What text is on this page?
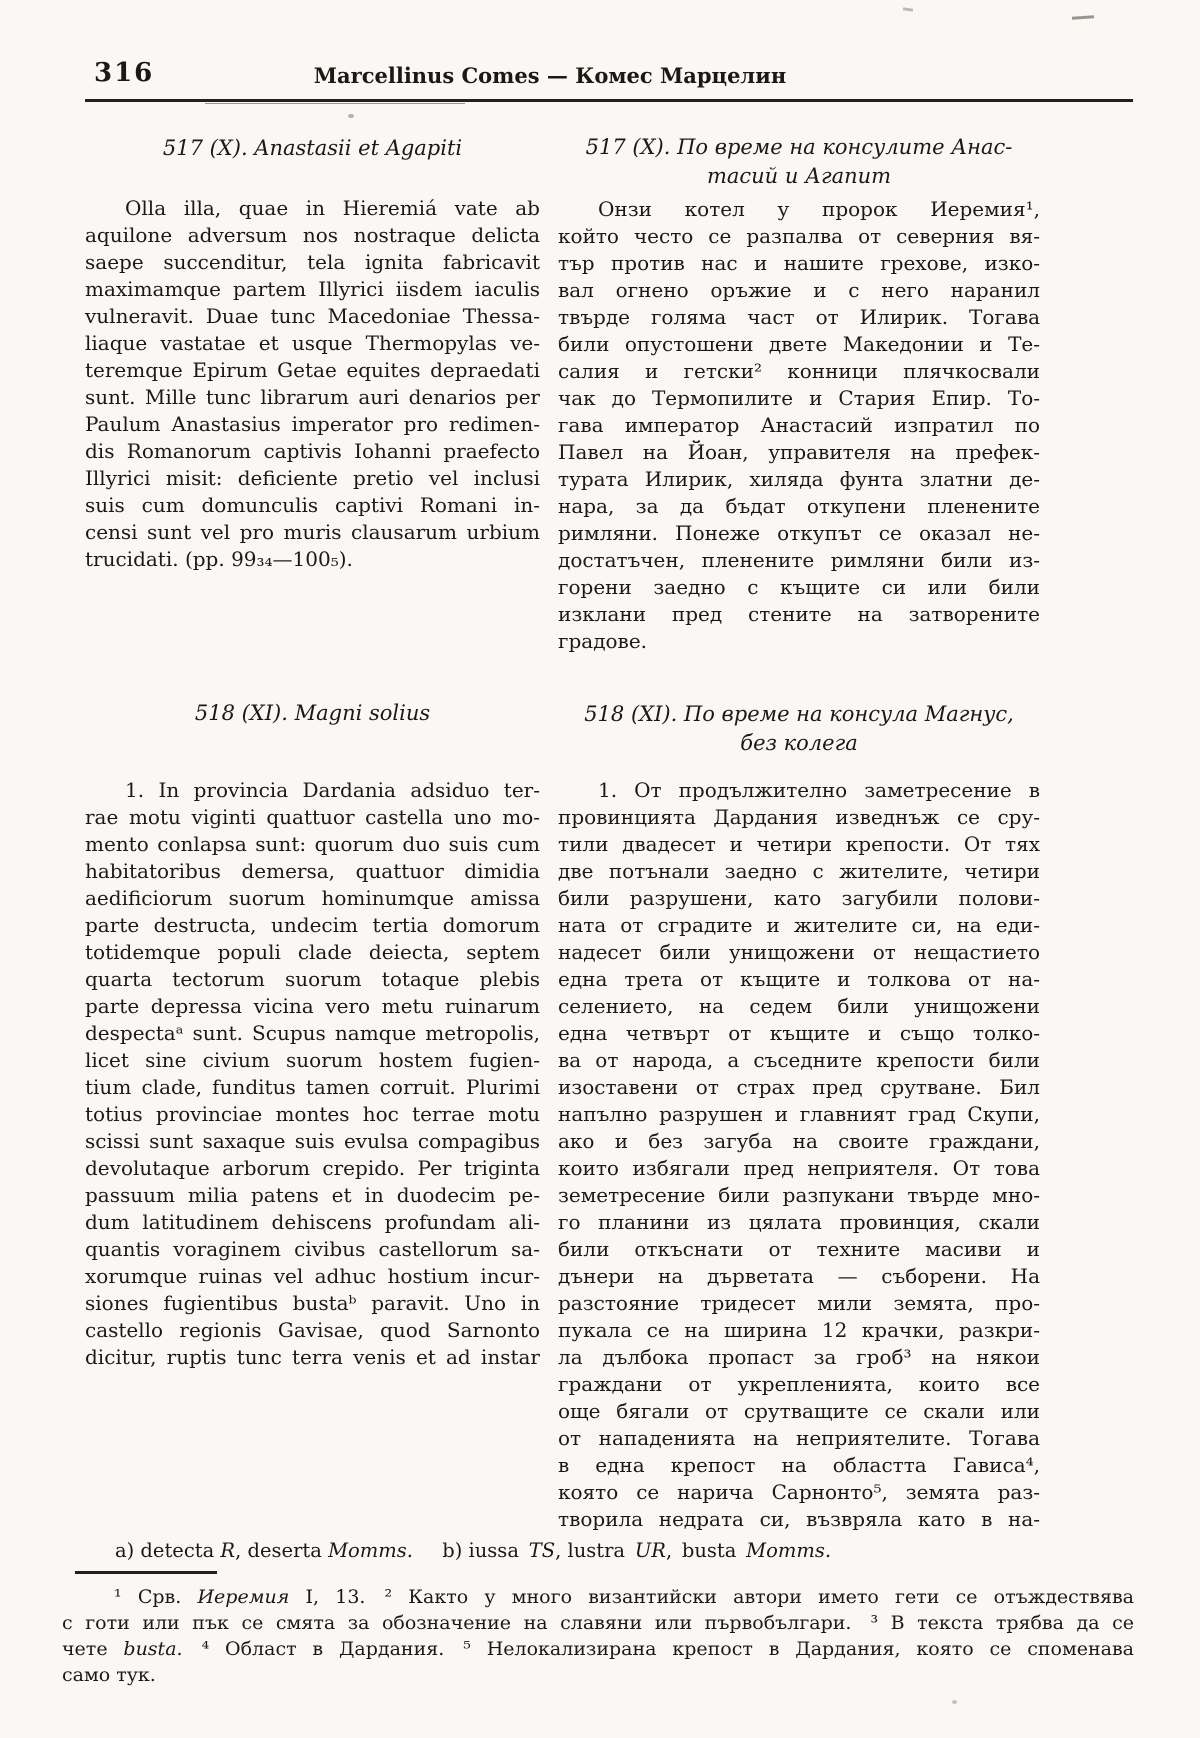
316	Marcellinus Comes — Комес Марцелин
517 (X). Anastasii et Agapiti
Olla illa, quae in Hieremiá vate ab
aquilone adversum nos nostraque delicta
saepe succenditur, tela ignita fabricavit
maximamque partem Illyrici iisdem iaculis
vulneravit. Duae tunc Macedoniae Thessa-
liaque vastatae et usque Thermopylas ve-
teremque Epirum Getae equites depraedati
sunt. Mille tunc librarum auri denarios per
Paulum Anastasius imperator pro redimen-
dis Romanorum captivis Iohanni praefecto
Illyrici misit: deficiente pretio vel inclusi
suis cum domunculis captivi Romani in-
censi sunt vel pro muris clausarum urbium
trucidati. (pp. 99₃₄—100₅).
518 (XI). Magni solius
1. In provincia Dardania adsiduo ter-
rae motu viginti quattuor castella uno mo-
mento conlapsa sunt: quorum duo suis cum
habitatoribus demersa, quattuor dimidia
aedificiorum suorum hominumque amissa
parte destructa, undecim tertia domorum
totidemque populi clade deiecta, septem
quarta tectorum suorum totaque plebis
parte depressa vicina vero metu ruinarum
despectaᵃ sunt. Scupus namque metropolis,
licet sine civium suorum hostem fugien-
tium clade, funditus tamen corruit. Plurimi
totius provinciae montes hoc terrae motu
scissi sunt saxaque suis evulsa compagibus
devolutaque arborum crepido. Per triginta
passuum milia patens et in duodecim pe-
dum latitudinem dehiscens profundam ali-
quantis voraginem civibus castellorum sa-
xorumque ruinas vel adhuc hostium incur-
siones fugientibus bustaᵇ paravit. Uno in
castello regionis Gavisae, quod Sarnonto
dicitur, ruptis tunc terra venis et ad instar
517 (X). По време на консулите Анас-
тасий и Агапит
Онзи котел у пророк Иеремия¹,
който често се разпалва от северния вя-
тър против нас и нашите грехове, изко-
вал огнено оръжие и с него наранил
твърде голяма част от Илирик. Тогава
били опустошени двете Македонии и Те-
салия и гетски² конници плячкосвали
чак до Термопилите и Стария Епир. То-
гава император Анастасий изпратил по
Павел на Йоан, управителя на префек-
турата Илирик, хиляда фунта златни де-
нара, за да бъдат откупени пленените
римляни. Понеже откупът се оказал не-
достатъчен, пленените римляни били из-
горени заедно с къщите си или били
изклани пред стените на затворените
градове.
518 (XI). По време на консула Магнус,
без колега
1. От продължително заметресение в
провинцията Дардания изведнъж се сру-
тили двадесет и четири крепости. От тях
две потънали заедно с жителите, четири
били разрушени, като загубили полови-
ната от сградите и жителите си, на еди-
надесет били унищожени от нещастието
една трета от къщите и толкова от на-
селението, на седем били унищожени
една четвърт от къщите и също толко-
ва от народа, а съседните крепости били
изоставени от страх пред срутване. Бил
напълно разрушен и главният град Скупи,
ако и без загуба на своите граждани,
които избягали пред неприятеля. От това
земетресение били разпукани твърде мно-
го планини из цялата провинция, скали
били откъснати от техните масиви и
дънери на дърветата — съборени. На
разстояние тридесет мили земята, про-
пукала се на ширина 12 крачки, разкри-
ла дълбока пропаст за гроб³ на някои
граждани от укрепленията, които все
още бягали от срутващите се скали или
от нападенията на неприятелите. Тогава
в една крепост на областта Гависа⁴,
която се нарича Сарнонто⁵, земята раз-
творила недрата си, възвряла като в на-
a) detecta R, deserta Momms.  b) iussa TS, lustra UR, busta Momms.
¹ Срв. Иеремия I, 13. ² Както у много византийски автори името гети се отъждествява
с готи или пък се смята за обозначение на славяни или първобългари. ³ В текста трябва да се
чете busta. ⁴ Област в Дардания. ⁵ Нелокализирана крепост в Дардания, която се споменава
само тук.
